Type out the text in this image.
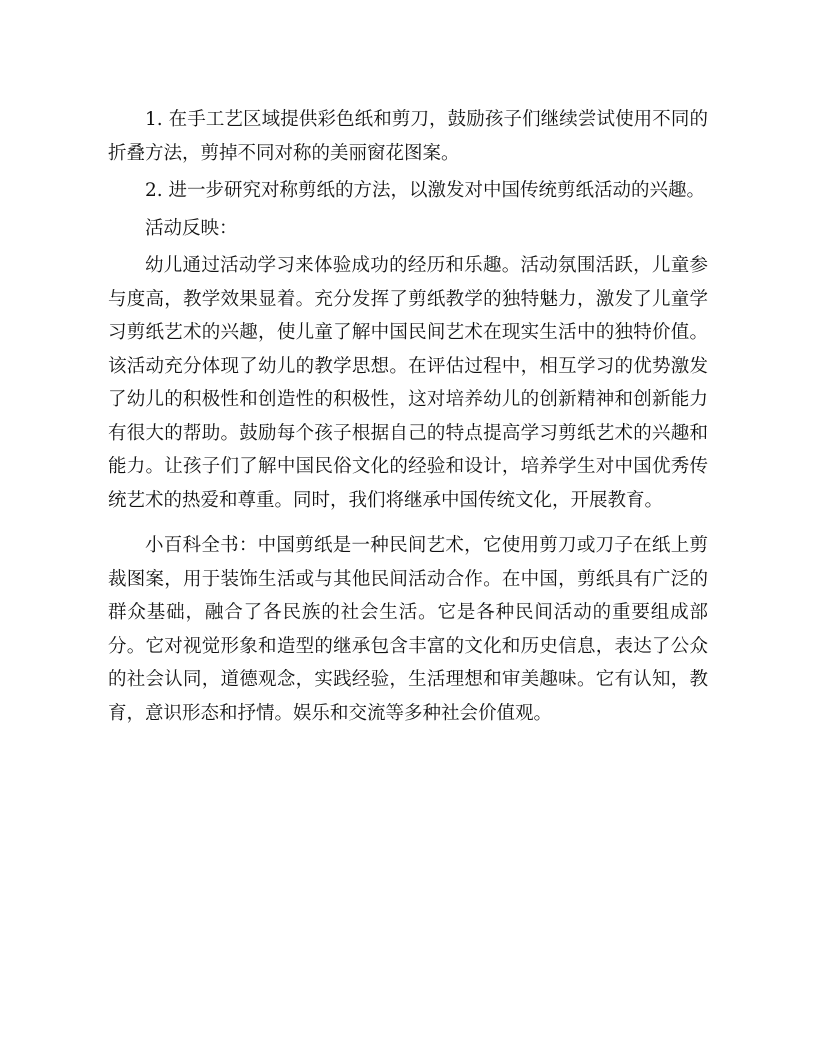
1. 在手工艺区域提供彩色纸和剪刀，鼓励孩子们继续尝试使用不同的折叠方法，剪掉不同对称的美丽窗花图案。

2. 进一步研究对称剪纸的方法，以激发对中国传统剪纸活动的兴趣。

活动反映：

幼儿通过活动学习来体验成功的经历和乐趣。活动氛围活跃，儿童参与度高，教学效果显着。充分发挥了剪纸教学的独特魅力，激发了儿童学习剪纸艺术的兴趣，使儿童了解中国民间艺术在现实生活中的独特价值。该活动充分体现了幼儿的教学思想。在评估过程中，相互学习的优势激发了幼儿的积极性和创造性的积极性，这对培养幼儿的创新精神和创新能力有很大的帮助。鼓励每个孩子根据自己的特点提高学习剪纸艺术的兴趣和能力。让孩子们了解中国民俗文化的经验和设计，培养学生对中国优秀传统艺术的热爱和尊重。同时，我们将继承中国传统文化，开展教育。

小百科全书：中国剪纸是一种民间艺术，它使用剪刀或刀子在纸上剪裁图案，用于装饰生活或与其他民间活动合作。在中国，剪纸具有广泛的群众基础，融合了各民族的社会生活。它是各种民间活动的重要组成部分。它对视觉形象和造型的继承包含丰富的文化和历史信息，表达了公众的社会认同，道德观念，实践经验，生活理想和审美趣味。它有认知，教育，意识形态和抒情。娱乐和交流等多种社会价值观。
